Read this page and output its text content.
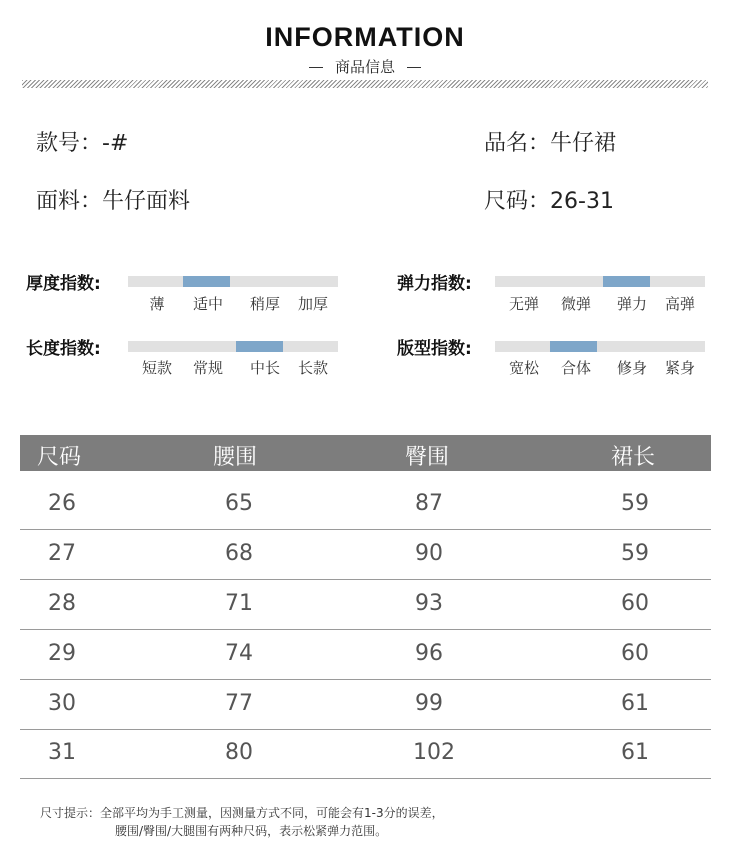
INFORMATION
商品信息
款号：-#	品名：牛仔裙
面料：牛仔面料	尺码：26-31
厚度指数:
薄	适中	稍厚	加厚
弹力指数:
无弹	微弹	弹力	高弹
长度指数:
短款	常规	中长	长款
版型指数:
宽松	合体	修身	紧身
尺码	腰围	臀围	裙长
26	65	87	59
27	68	90	59
28	71	93	60
29	74	96	60
30	77	99	61
31	80	102	61
尺寸提示：全部平均为手工测量，因测量方式不同，可能会有1-3分的误差，
腰围/臀围/大腿围有两种尺码，表示松紧弹力范围。
